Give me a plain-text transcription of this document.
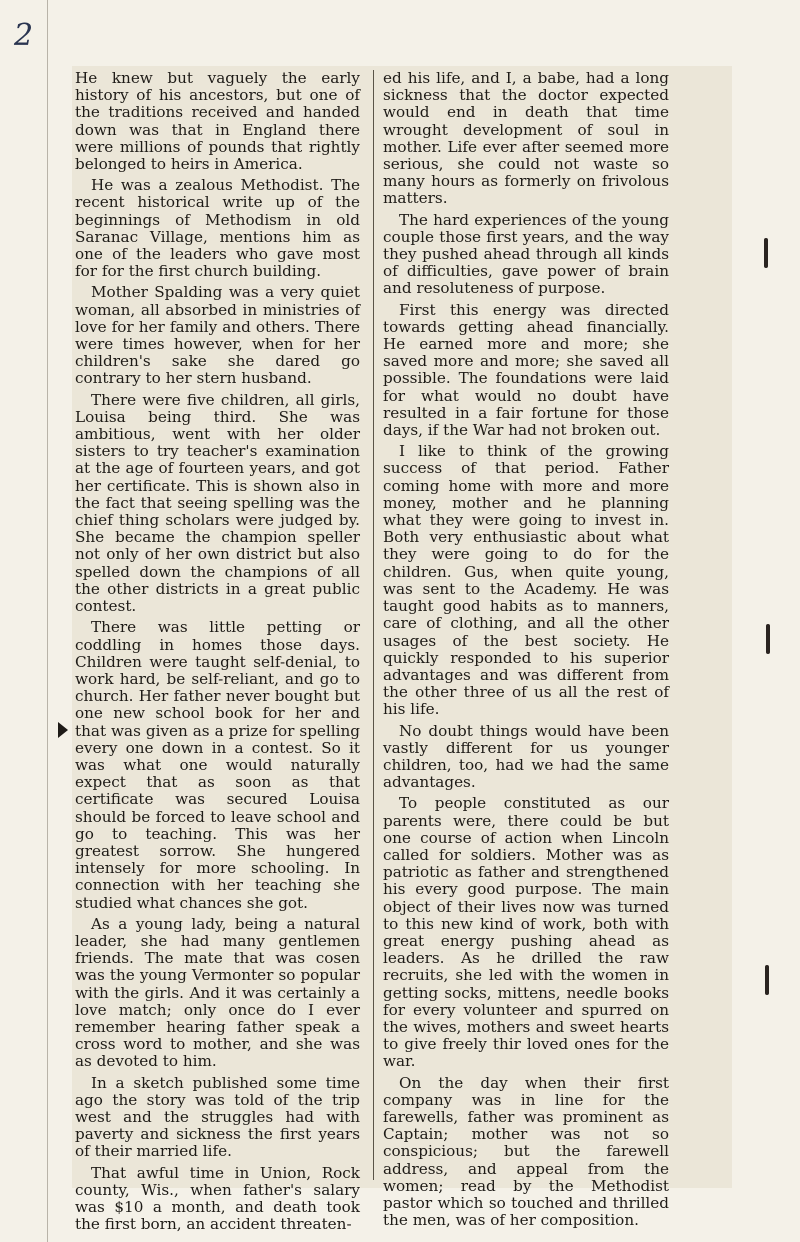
2

He knew but vaguely the early history of his ancestors, but one of the traditions received and handed down was that in England there were millions of pounds that rightly belonged to heirs in America.

He was a zealous Methodist. The recent historical write up of the beginnings of Methodism in old Saranac Village, mentions him as one of the leaders who gave most for for the first church building.

Mother Spalding was a very quiet woman, all absorbed in ministries of love for her family and others. There were times however, when for her children's sake she dared go contrary to her stern husband.

There were five children, all girls, Louisa being third. She was ambitious, went with her older sisters to try teacher's examination at the age of fourteen years, and got her certificate. This is shown also in the fact that seeing spelling was the chief thing scholars were judged by. She became the champion speller not only of her own district but also spelled down the champions of all the other districts in a great public contest.

There was little petting or coddling in homes those days. Children were taught self-denial, to work hard, be self-reliant, and go to church. Her father never bought but one new school book for her and that was given as a prize for spelling every one down in a contest. So it was what one would naturally expect that as soon as that certificate was secured Louisa should be forced to leave school and go to teaching. This was her greatest sorrow. She hungered intensely for more schooling. In connection with her teaching she studied what chances she got.

As a young lady, being a natural leader, she had many gentlemen friends. The mate that was cosen was the young Vermonter so popular with the girls. And it was certainly a love match; only once do I ever remember hearing father speak a cross word to mother, and she was as devoted to him.

In a sketch published some time ago the story was told of the trip west and the struggles had with paverty and sickness the first years of their married life.

That awful time in Union, Rock county, Wis., when father's salary was $10 a month, and death took the first born, an accident threaten-

ed his life, and I, a babe, had a long sickness that the doctor expected would end in death that time wrought development of soul in mother. Life ever after seemed more serious, she could not waste so many hours as formerly on frivolous matters.

The hard experiences of the young couple those first years, and the way they pushed ahead through all kinds of difficulties, gave power of brain and resoluteness of purpose.

First this energy was directed towards getting ahead financially. He earned more and more; she saved more and more; she saved all possible. The foundations were laid for what would no doubt have resulted in a fair fortune for those days, if the War had not broken out.

I like to think of the growing success of that period. Father coming home with more and more money, mother and he planning what they were going to invest in. Both very enthusiastic about what they were going to do for the children. Gus, when quite young, was sent to the Academy. He was taught good habits as to manners, care of clothing, and all the other usages of the best society. He quickly responded to his superior advantages and was different from the other three of us all the rest of his life.

No doubt things would have been vastly different for us younger children, too, had we had the same advantages.

To people constituted as our parents were, there could be but one course of action when Lincoln called for soldiers. Mother was as patriotic as father and strengthened his every good purpose. The main object of their lives now was turned to this new kind of work, both with great energy pushing ahead as leaders. As he drilled the raw recruits, she led with the women in getting socks, mittens, needle books for every volunteer and spurred on the wives, mothers and sweet hearts to give freely thir loved ones for the war.

On the day when their first company was in line for the farewells, father was prominent as Captain; mother was not so conspicious; but the farewell address, and appeal from the women; read by the Methodist pastor which so touched and thrilled the men, was of her composition.
